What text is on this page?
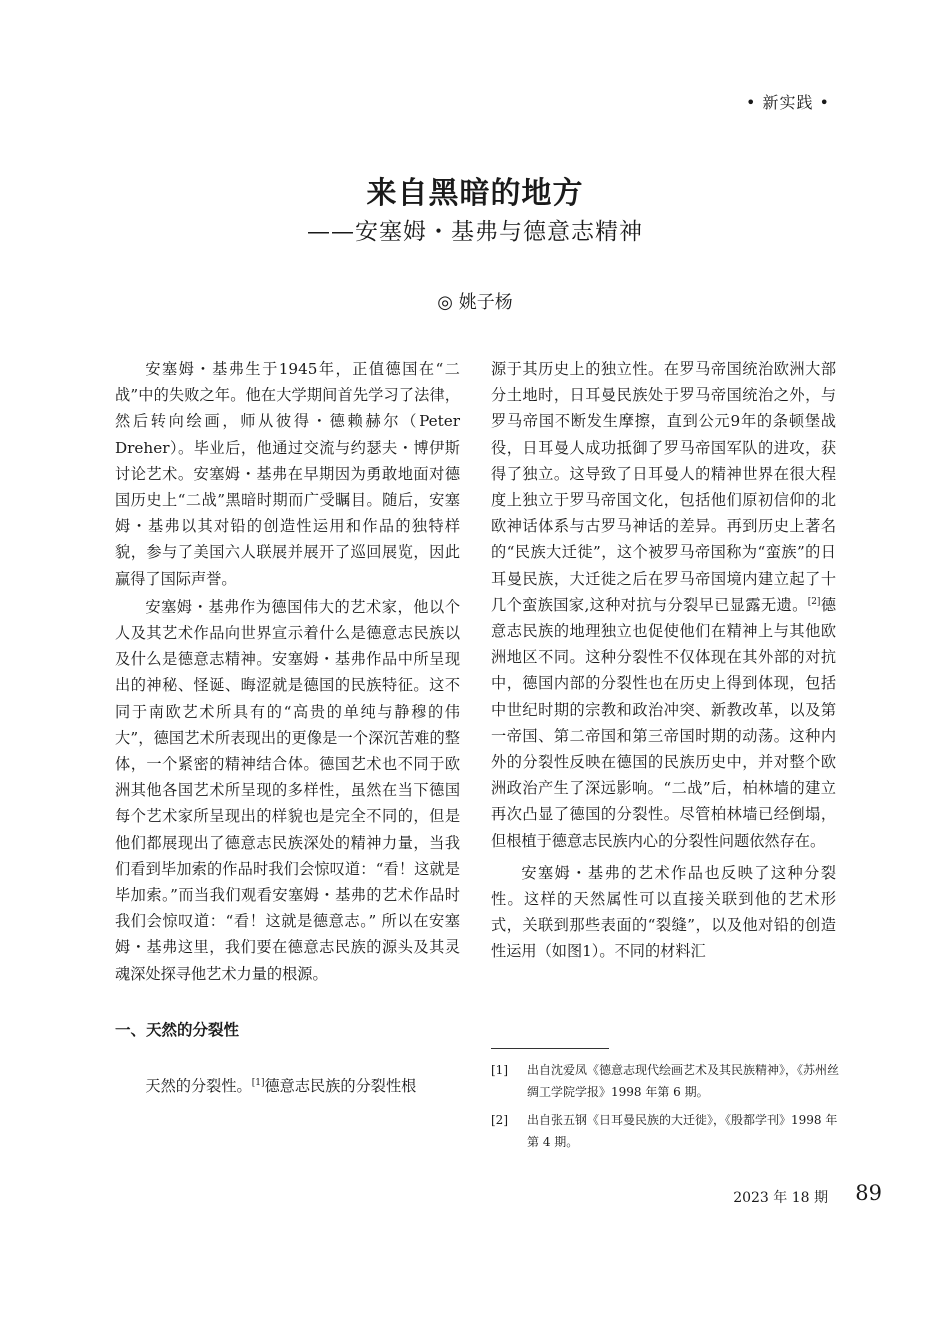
• 新实践 •
来自黑暗的地方
——安塞姆・基弗与德意志精神
◎ 姚子杨

安塞姆・基弗生于1945年，正值德国在“二战”中的失败之年。他在大学期间首先学习了法律，然后转向绘画，师从彼得・德赖赫尔（Peter Dreher）。毕业后，他通过交流与约瑟夫・博伊斯讨论艺术。安塞姆・基弗在早期因为勇敢地面对德国历史上“二战”黑暗时期而广受瞩目。随后，安塞姆・基弗以其对铅的创造性运用和作品的独特样貌，参与了美国六人联展并展开了巡回展览，因此赢得了国际声誉。

安塞姆・基弗作为德国伟大的艺术家，他以个人及其艺术作品向世界宣示着什么是德意志民族以及什么是德意志精神。安塞姆・基弗作品中所呈现出的神秘、怪诞、晦涩就是德国的民族特征。这不同于南欧艺术所具有的“高贵的单纯与静穆的伟大”，德国艺术所表现出的更像是一个深沉苦难的整体，一个紧密的精神结合体。德国艺术也不同于欧洲其他各国艺术所呈现的多样性，虽然在当下德国每个艺术家所呈现出的样貌也是完全不同的，但是他们都展现出了德意志民族深处的精神力量，当我们看到毕加索的作品时我们会惊叹道：“看！这就是毕加索。”而当我们观看安塞姆・基弗的艺术作品时我们会惊叹道：“看！这就是德意志。” 所以在安塞姆・基弗这里，我们要在德意志民族的源头及其灵魂深处探寻他艺术力量的根源。

一、天然的分裂性

天然的分裂性。[1]德意志民族的分裂性根

源于其历史上的独立性。在罗马帝国统治欧洲大部分土地时，日耳曼民族处于罗马帝国统治之外，与罗马帝国不断发生摩擦，直到公元9年的条顿堡战役，日耳曼人成功抵御了罗马帝国军队的进攻，获得了独立。这导致了日耳曼人的精神世界在很大程度上独立于罗马帝国文化，包括他们原初信仰的北欧神话体系与古罗马神话的差异。再到历史上著名的“民族大迁徙”，这个被罗马帝国称为“蛮族”的日耳曼民族，大迁徙之后在罗马帝国境内建立起了十几个蛮族国家,这种对抗与分裂早已显露无遗。[2]德意志民族的地理独立也促使他们在精神上与其他欧洲地区不同。这种分裂性不仅体现在其外部的对抗中，德国内部的分裂性也在历史上得到体现，包括中世纪时期的宗教和政治冲突、新教改革，以及第一帝国、第二帝国和第三帝国时期的动荡。这种内外的分裂性反映在德国的民族历史中，并对整个欧洲政治产生了深远影响。“二战”后，柏林墙的建立再次凸显了德国的分裂性。尽管柏林墙已经倒塌，但根植于德意志民族内心的分裂性问题依然存在。

安塞姆・基弗的艺术作品也反映了这种分裂性。这样的天然属性可以直接关联到他的艺术形式，关联到那些表面的“裂缝”，以及他对铅的创造性运用（如图1）。不同的材料汇

[1]	出自沈爱凤《德意志现代绘画艺术及其民族精神》，《苏州丝绸工学院学报》1998 年第 6 期。
[2]	出自张五钢《日耳曼民族的大迁徙》，《殷都学刊》1998 年第 4 期。
2023 年 18 期 89
